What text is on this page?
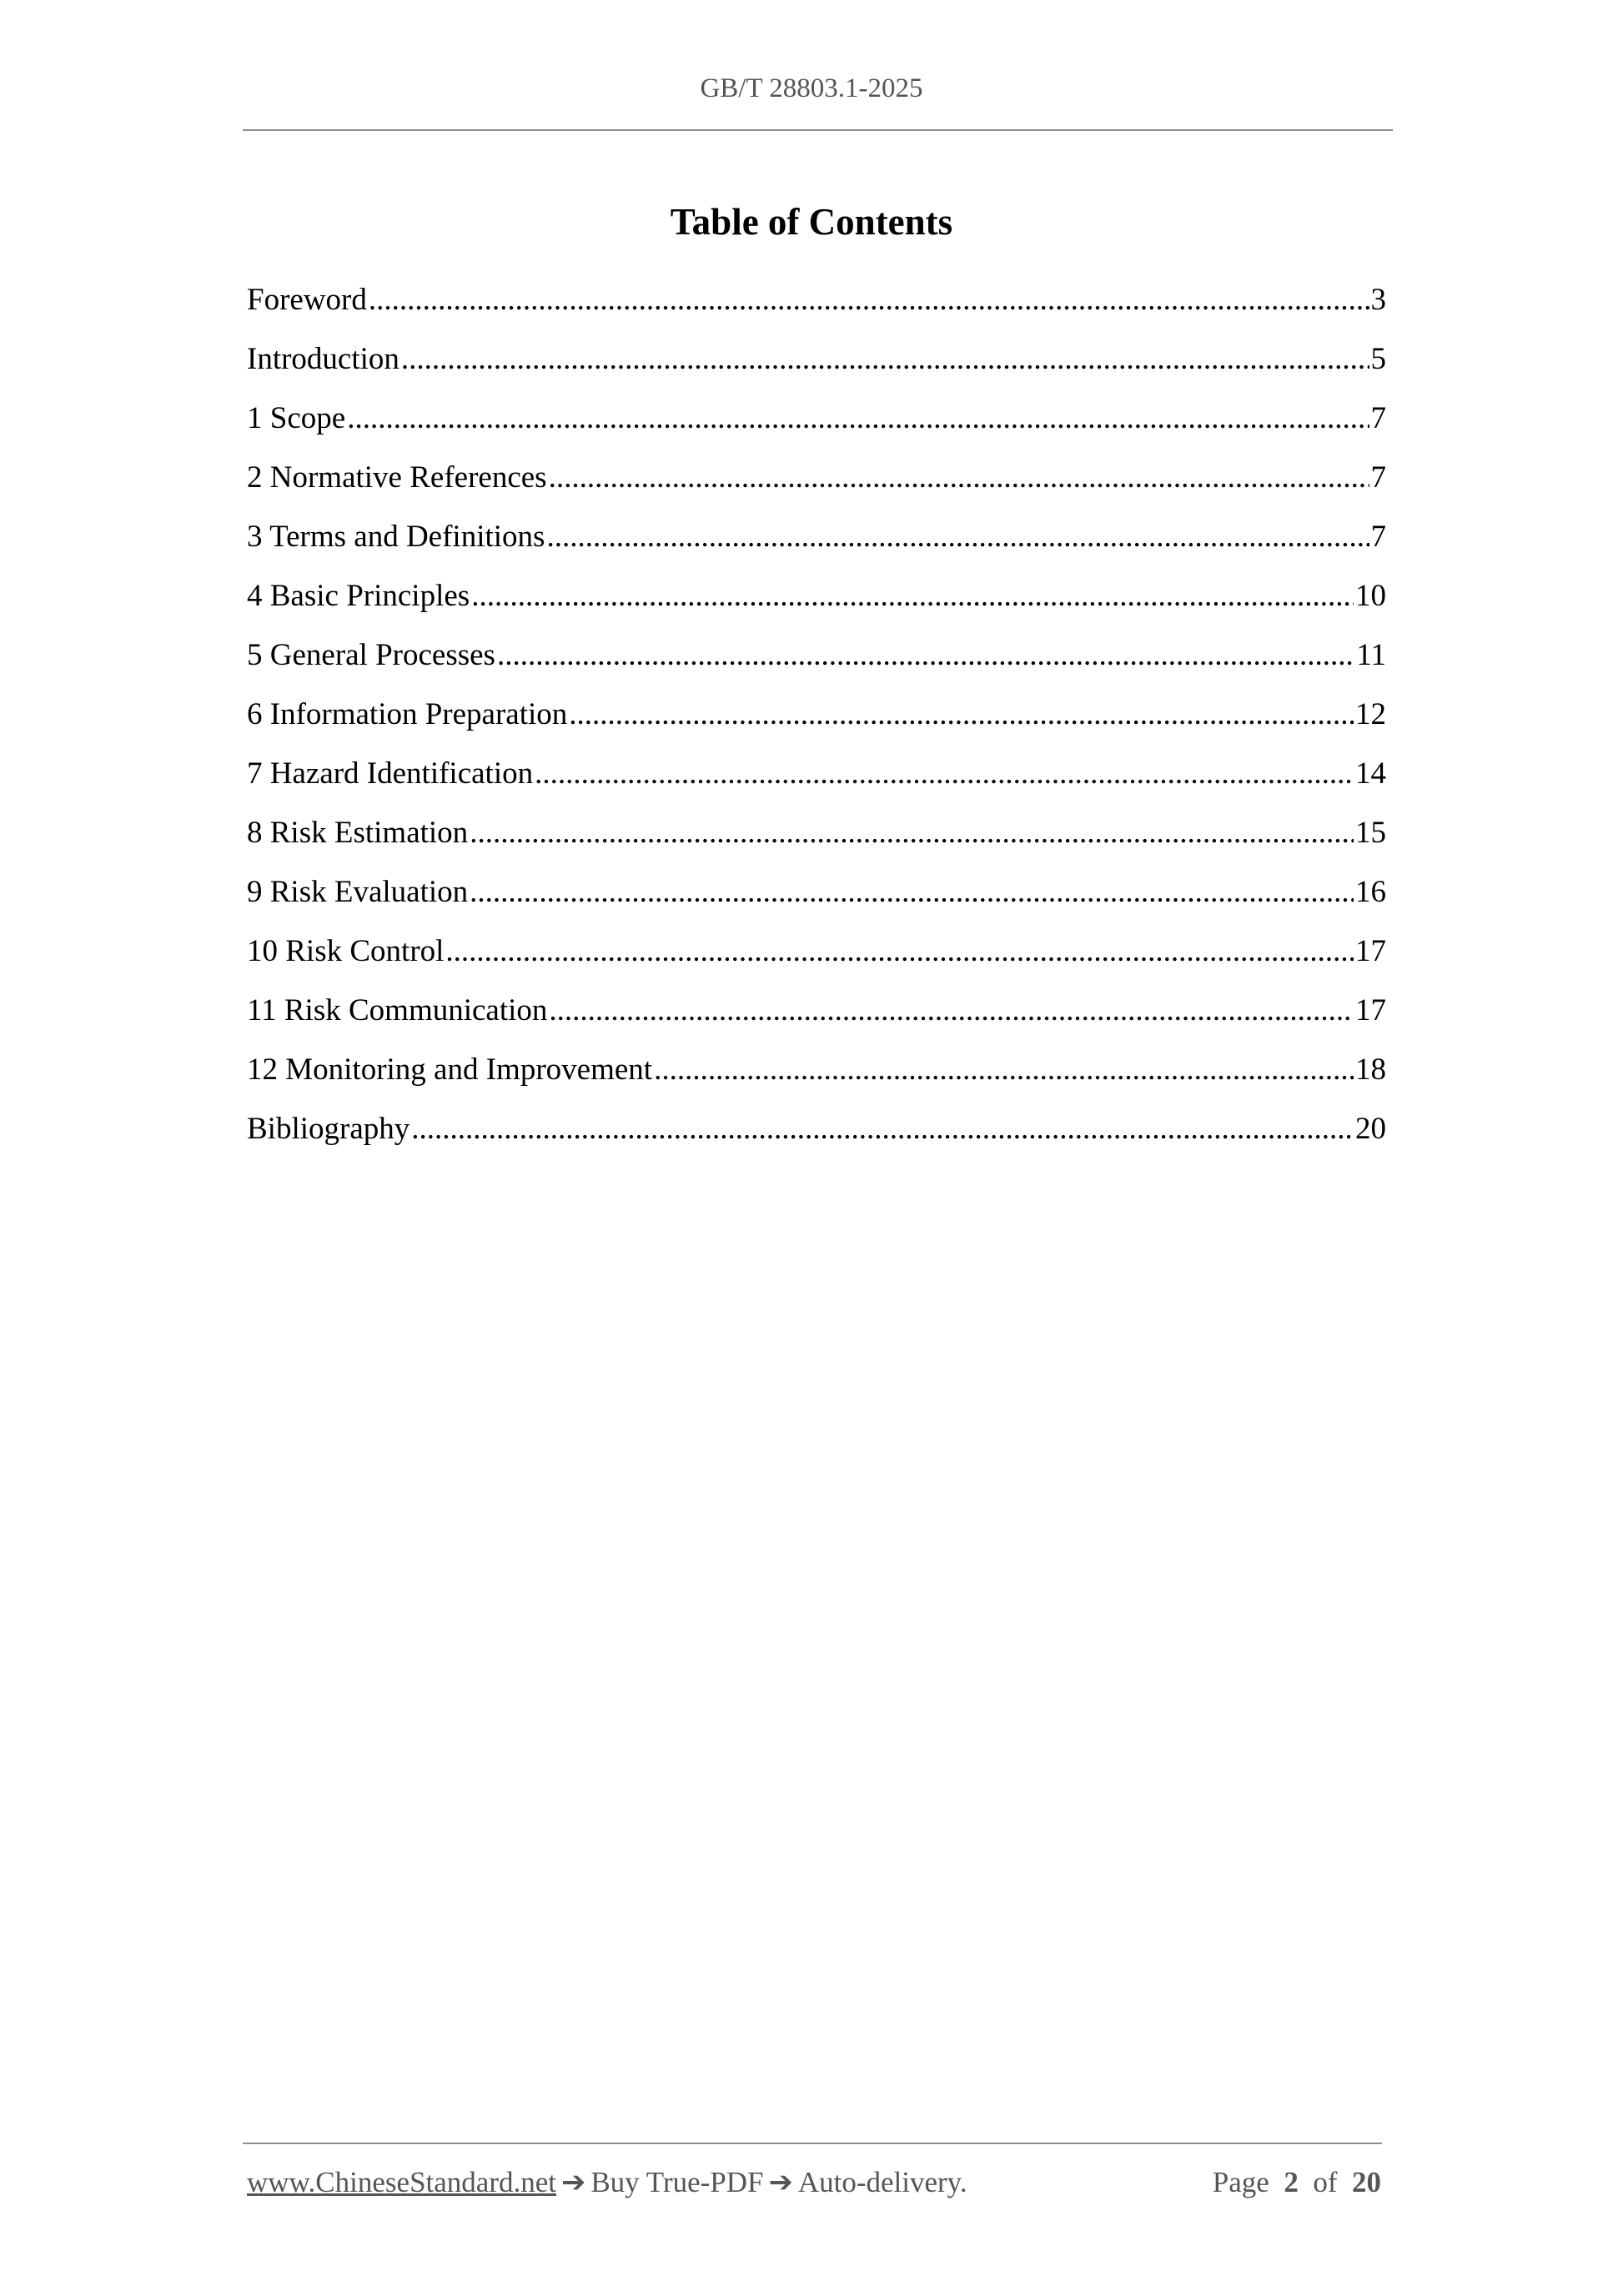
GB/T 28803.1-2025
Table of Contents
Foreword .....	3
Introduction .....	5
1 Scope .....	7
2 Normative References .....	7
3 Terms and Definitions .....	7
4 Basic Principles .....	10
5 General Processes .....	11
6 Information Preparation .....	12
7 Hazard Identification .....	14
8 Risk Estimation .....	15
9 Risk Evaluation .....	16
10 Risk Control .....	17
11 Risk Communication .....	17
12 Monitoring and Improvement .....	18
Bibliography .....	20
www.ChineseStandard.net ➔ Buy True-PDF ➔ Auto-delivery.	Page 2 of 20
